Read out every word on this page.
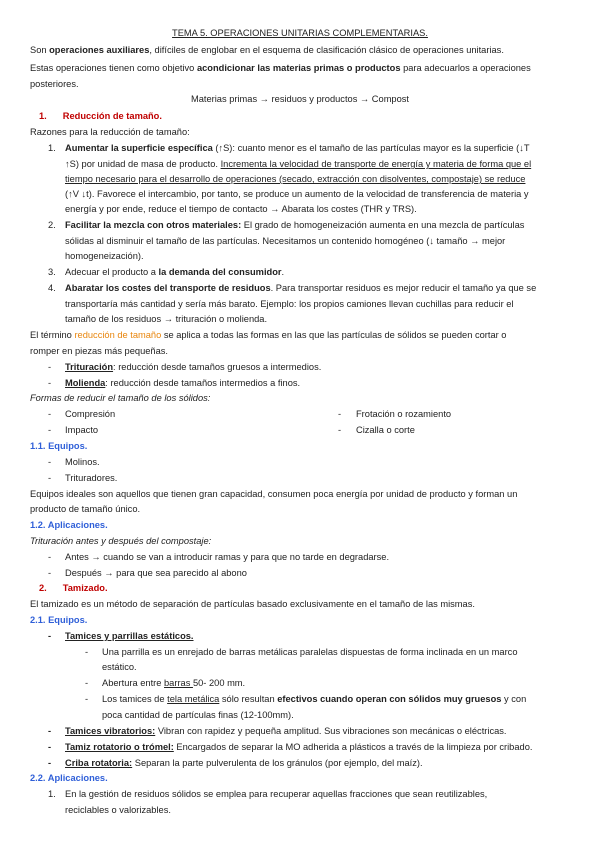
TEMA 5. OPERACIONES UNITARIAS COMPLEMENTARIAS.
Son operaciones auxiliares, difíciles de englobar en el esquema de clasificación clásico de operaciones unitarias.
Estas operaciones tienen como objetivo acondicionar las materias primas o productos para adecuarlos a operaciones
posteriores.
Materias primas → residuos y productos → Compost
1. Reducción de tamaño.
Razones para la reducción de tamaño:
1. Aumentar la superficie específica (↑S): cuanto menor es el tamaño de las partículas mayor es la superficie (↓T
↑S) por unidad de masa de producto. Incrementa la velocidad de transporte de energía y materia de forma que el
tiempo necesario para el desarrollo de operaciones (secado, extracción con disolventes, compostaje) se reduce
(↑V ↓t). Favorece el intercambio, por tanto, se produce un aumento de la velocidad de transferencia de materia y
energía y por ende, reduce el tiempo de contacto → Abarata los costes (THR y TRS).
2. Facilitar la mezcla con otros materiales: El grado de homogeneización aumenta en una mezcla de partículas
sólidas al disminuir el tamaño de las partículas. Necesitamos un contenido homogéneo (↓ tamaño → mejor
homogeneización).
3. Adecuar el producto a la demanda del consumidor.
4. Abaratar los costes del transporte de residuos. Para transportar residuos es mejor reducir el tamaño ya que se
transportaría más cantidad y sería más barato. Ejemplo: los propios camiones llevan cuchillas para reducir el
tamaño de los residuos → trituración o molienda.
El término reducción de tamaño se aplica a todas las formas en las que las partículas de sólidos se pueden cortar o
romper en piezas más pequeñas.
- Trituración: reducción desde tamaños gruesos a intermedios.
- Molienda: reducción desde tamaños intermedios a finos.
Formas de reducir el tamaño de los sólidos:
- Compresión	- Frotación o rozamiento
- Impacto	- Cizalla o corte
1.1. Equipos.
- Molinos.
- Trituradores.
Equipos ideales son aquellos que tienen gran capacidad, consumen poca energía por unidad de producto y forman un
producto de tamaño único.
1.2. Aplicaciones.
Trituración antes y después del compostaje:
- Antes → cuando se van a introducir ramas y para que no tarde en degradarse.
- Después → para que sea parecido al abono
2. Tamizado.
El tamizado es un método de separación de partículas basado exclusivamente en el tamaño de las mismas.
2.1. Equipos.
- Tamices y parrillas estáticos.
- Una parrilla es un enrejado de barras metálicas paralelas dispuestas de forma inclinada en un marco
estático.
- Abertura entre barras 50- 200 mm.
- Los tamices de tela metálica sólo resultan efectivos cuando operan con sólidos muy gruesos y con
poca cantidad de partículas finas (12-100mm).
- Tamices vibratorios: Vibran con rapidez y pequeña amplitud. Sus vibraciones son mecánicas o eléctricas.
- Tamiz rotatorio o trómel: Encargados de separar la MO adherida a plásticos a través de la limpieza por cribado.
- Criba rotatoria: Separan la parte pulverulenta de los gránulos (por ejemplo, del maíz).
2.2. Aplicaciones.
1. En la gestión de residuos sólidos se emplea para recuperar aquellas fracciones que sean reutilizables,
reciclables o valorizables.
